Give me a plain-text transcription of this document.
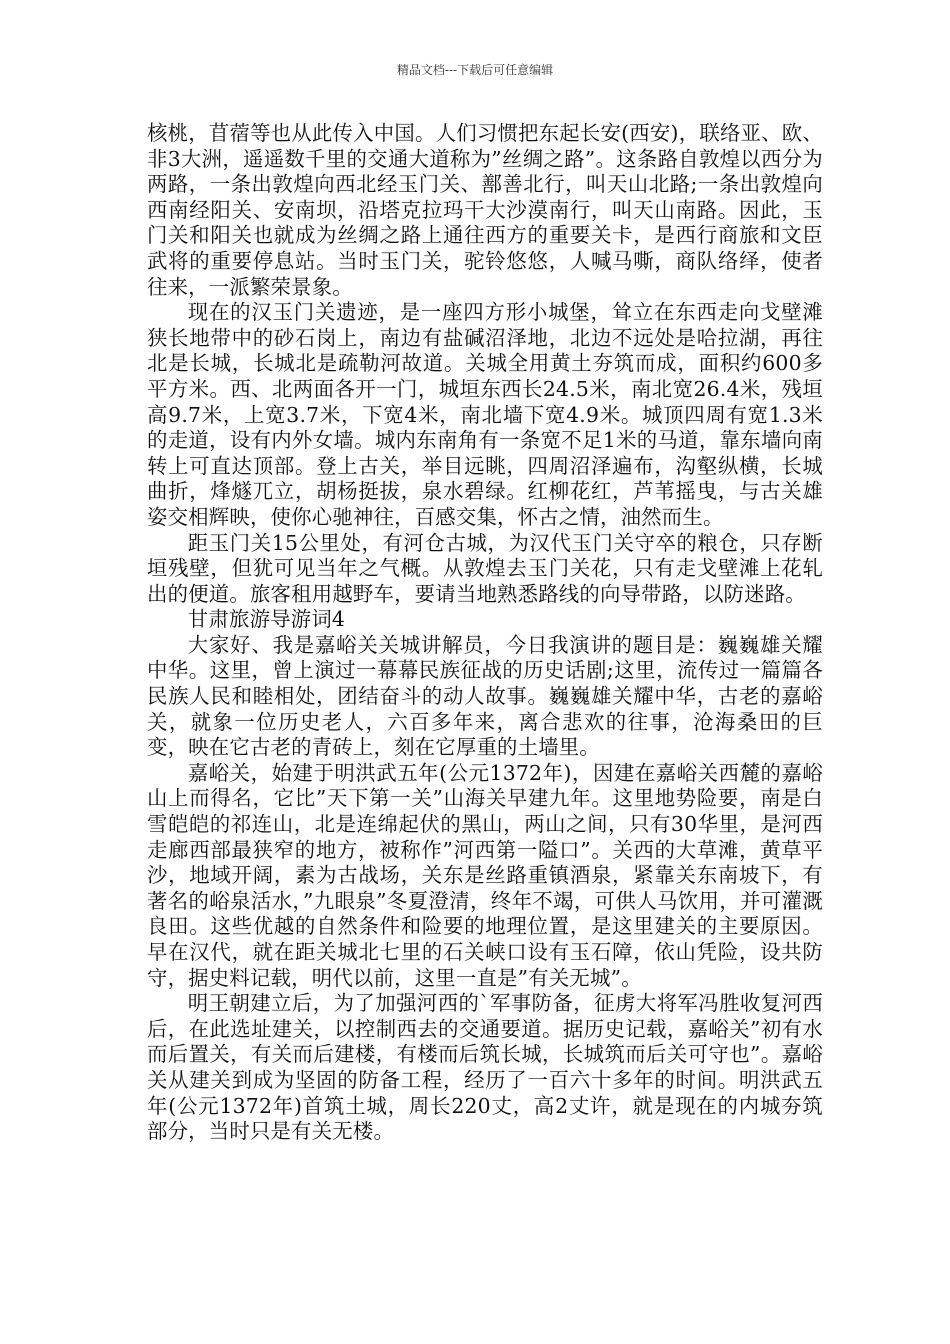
精品文档---下载后可任意编辑

核桃，苜蓿等也从此传入中国。人们习惯把东起长安(西安)，联络亚、欧、非3大洲，遥遥数千里的交通大道称为”丝绸之路”。这条路自敦煌以西分为两路，一条出敦煌向西北经玉门关、鄯善北行，叫天山北路;一条出敦煌向西南经阳关、安南坝，沿塔克拉玛干大沙漠南行，叫天山南路。因此，玉门关和阳关也就成为丝绸之路上通往西方的重要关卡，是西行商旅和文臣武将的重要停息站。当时玉门关，驼铃悠悠，人喊马嘶，商队络绎，使者往来，一派繁荣景象。

现在的汉玉门关遗迹，是一座四方形小城堡，耸立在东西走向戈壁滩狭长地带中的砂石岗上，南边有盐碱沼泽地，北边不远处是哈拉湖，再往北是长城，长城北是疏勒河故道。关城全用黄土夯筑而成，面积约600多平方米。西、北两面各开一门，城垣东西长24.5米，南北宽26.4米，残垣高9.7米，上宽3.7米，下宽4米，南北墙下宽4.9米。城顶四周有宽1.3米的走道，设有内外女墙。城内东南角有一条宽不足1米的马道，靠东墙向南转上可直达顶部。登上古关，举目远眺，四周沼泽遍布，沟壑纵横，长城曲折，烽燧兀立，胡杨挺拔，泉水碧绿。红柳花红，芦苇摇曳，与古关雄姿交相辉映，使你心驰神往，百感交集，怀古之情，油然而生。

距玉门关15公里处，有河仓古城，为汉代玉门关守卒的粮仓，只存断垣残壁，但犹可见当年之气概。从敦煌去玉门关花，只有走戈壁滩上花轧出的便道。旅客租用越野车，要请当地熟悉路线的向导带路，以防迷路。

甘肃旅游导游词4

大家好、我是嘉峪关关城讲解员，今日我演讲的题目是：巍巍雄关耀中华。这里，曾上演过一幕幕民族征战的历史话剧;这里，流传过一篇篇各民族人民和睦相处，团结奋斗的动人故事。巍巍雄关耀中华，古老的嘉峪关，就象一位历史老人，六百多年来，离合悲欢的往事，沧海桑田的巨变，映在它古老的青砖上，刻在它厚重的土墙里。

嘉峪关，始建于明洪武五年(公元1372年)，因建在嘉峪关西麓的嘉峪山上而得名，它比”天下第一关”山海关早建九年。这里地势险要，南是白雪皑皑的祁连山，北是连绵起伏的黑山，两山之间，只有30华里，是河西走廊西部最狭窄的地方，被称作”河西第一隘口”。关西的大草滩，黄草平沙，地域开阔，素为古战场，关东是丝路重镇酒泉，紧靠关东南坡下，有著名的峪泉活水，”九眼泉”冬夏澄清，终年不竭，可供人马饮用，并可灌溉良田。这些优越的自然条件和险要的地理位置，是这里建关的主要原因。早在汉代，就在距关城北七里的石关峡口设有玉石障，依山凭险，设共防守，据史料记载，明代以前，这里一直是”有关无城”。

明王朝建立后，为了加强河西的`军事防备，征虏大将军冯胜收复河西后，在此选址建关，以控制西去的交通要道。据历史记载，嘉峪关”初有水而后置关，有关而后建楼，有楼而后筑长城，长城筑而后关可守也”。嘉峪关从建关到成为坚固的防备工程，经历了一百六十多年的时间。明洪武五年(公元1372年)首筑土城，周长220丈，高2丈许，就是现在的内城夯筑部分，当时只是有关无楼。
